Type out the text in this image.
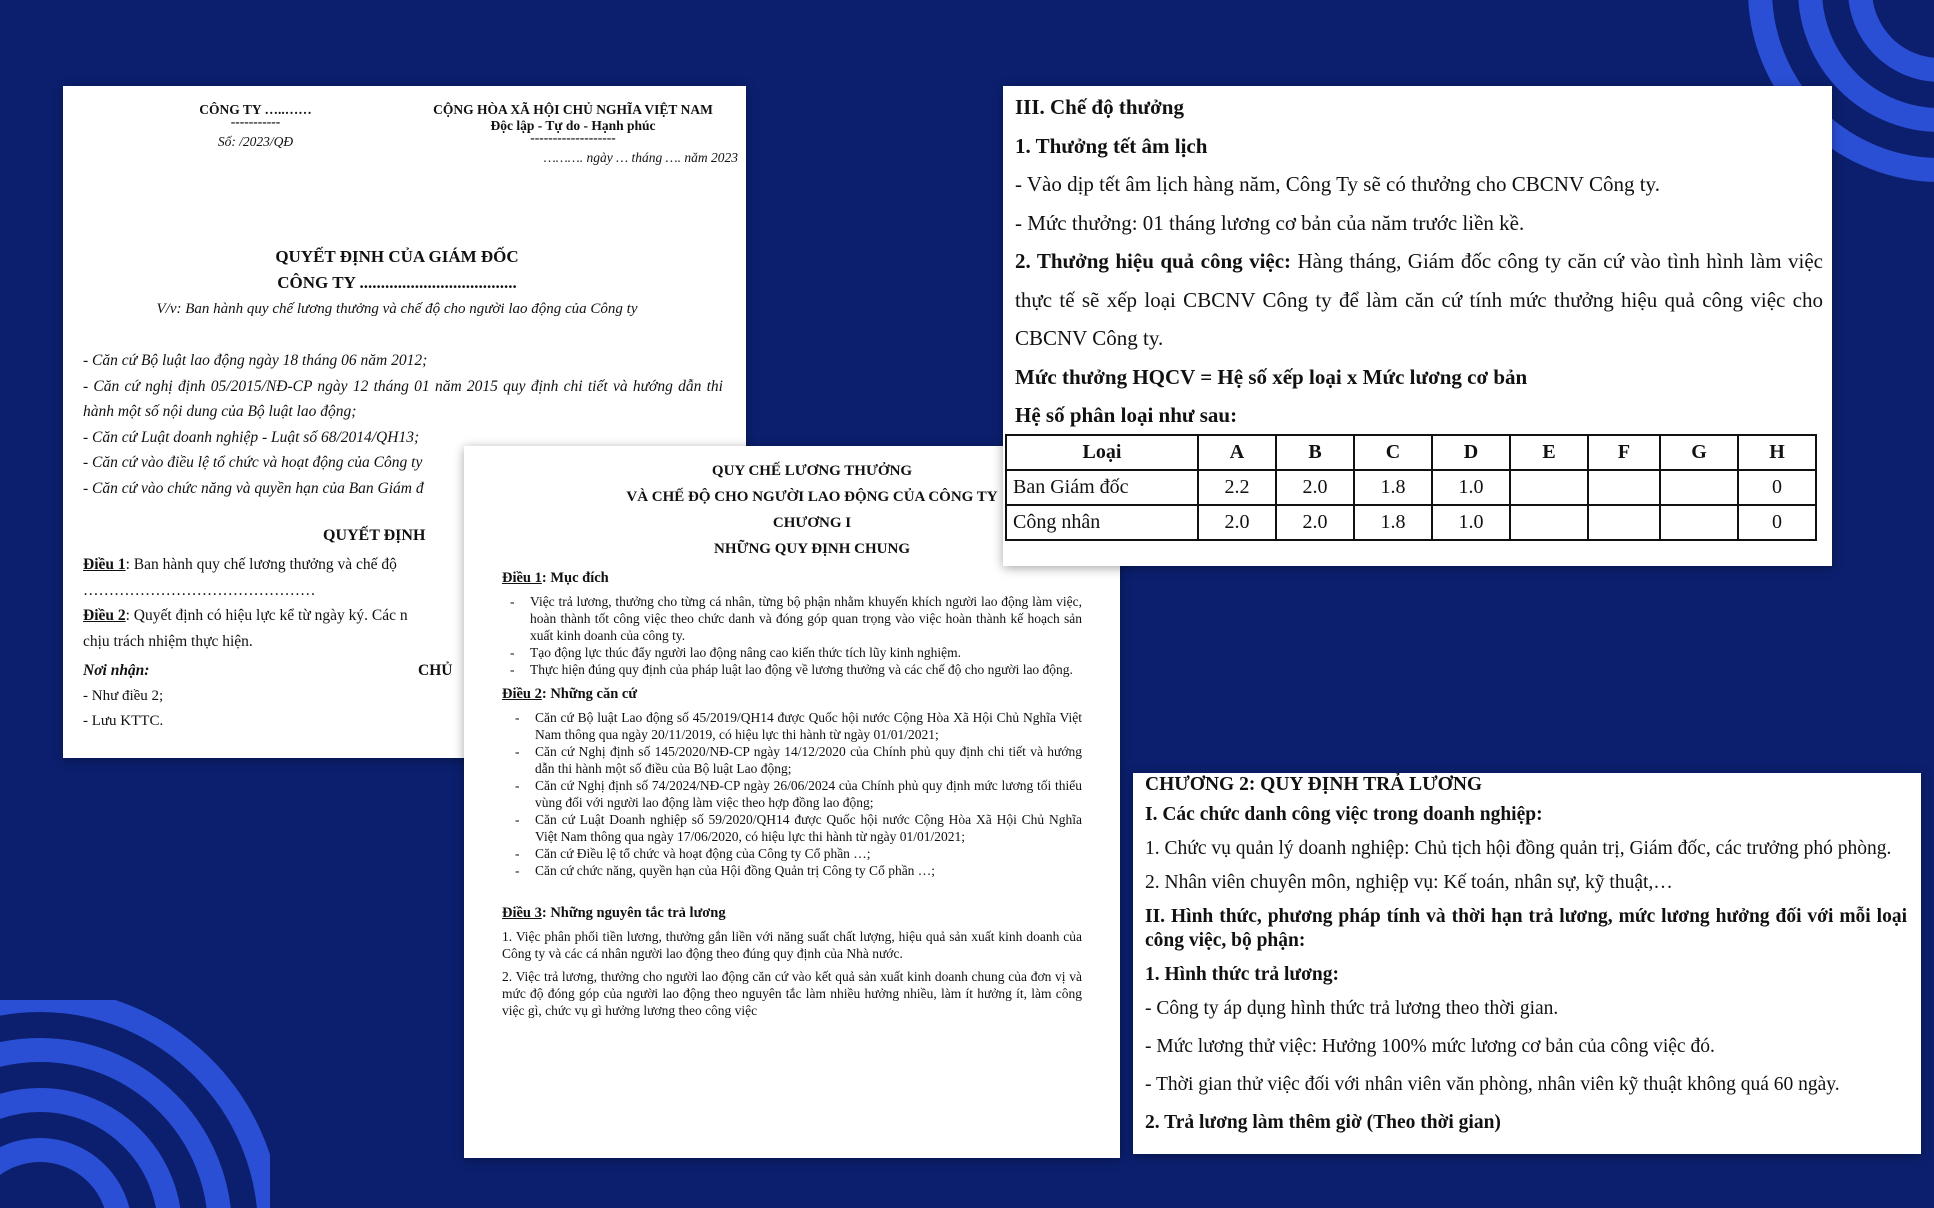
CÔNG TY …..……

-----------

Số: /2023/QĐ

CỘNG HÒA XÃ HỘI CHỦ NGHĨA VIỆT NAM

Độc lập - Tự do - Hạnh phúc

-------------------

………. ngày … tháng …. năm 2023

QUYẾT ĐỊNH CỦA GIÁM ĐỐC

CÔNG TY .....................................

V/v: Ban hành quy chế lương thưởng và chế độ cho người lao động của Công ty

- Căn cứ Bộ luật lao động ngày 18 tháng 06 năm 2012;

- Căn cứ nghị định 05/2015/NĐ-CP ngày 12 tháng 01 năm 2015 quy định chi tiết và hướng dẫn thi hành một số nội dung của Bộ luật lao động;

- Căn cứ Luật doanh nghiệp - Luật số 68/2014/QH13;

- Căn cứ vào điều lệ tổ chức và hoạt động của Công ty

- Căn cứ vào chức năng và quyền hạn của Ban Giám đ

QUYẾT ĐỊNH

Điều 1: Ban hành quy chế lương thưởng và chế độ

………………………………………

Điều 2: Quyết định có hiệu lực kể từ ngày ký. Các n

chịu trách nhiệm thực hiện.

Nơi nhận:	CHỦ

- Như điều 2;

- Lưu KTTC.

QUY CHẾ LƯƠNG THƯỞNG

VÀ CHẾ ĐỘ CHO NGƯỜI LAO ĐỘNG CỦA CÔNG TY

CHƯƠNG I

NHỮNG QUY ĐỊNH CHUNG

Điều 1: Mục đích

- Việc trả lương, thưởng cho từng cá nhân, từng bộ phận nhằm khuyến khích người lao động làm việc, hoàn thành tốt công việc theo chức danh và đóng góp quan trọng vào việc hoàn thành kế hoạch sản xuất kinh doanh của công ty.
- Tạo động lực thúc đẩy người lao động nâng cao kiến thức tích lũy kinh nghiệm.
- Thực hiện đúng quy định của pháp luật lao động về lương thưởng và các chế độ cho người lao động.

Điều 2: Những căn cứ

- Căn cứ Bộ luật Lao động số 45/2019/QH14 được Quốc hội nước Cộng Hòa Xã Hội Chủ Nghĩa Việt Nam thông qua ngày 20/11/2019, có hiệu lực thi hành từ ngày 01/01/2021;
- Căn cứ Nghị định số 145/2020/NĐ-CP ngày 14/12/2020 của Chính phủ quy định chi tiết và hướng dẫn thi hành một số điều của Bộ luật Lao động;
- Căn cứ Nghị định số 74/2024/NĐ-CP ngày 26/06/2024 của Chính phủ quy định mức lương tối thiểu vùng đối với người lao động làm việc theo hợp đồng lao động;
- Căn cứ Luật Doanh nghiệp số 59/2020/QH14 được Quốc hội nước Cộng Hòa Xã Hội Chủ Nghĩa Việt Nam thông qua ngày 17/06/2020, có hiệu lực thi hành từ ngày 01/01/2021;
- Căn cứ Điều lệ tổ chức và hoạt động của Công ty Cổ phần …;
- Căn cứ chức năng, quyền hạn của Hội đồng Quản trị Công ty Cổ phần …;

Điều 3: Những nguyên tắc trả lương

1. Việc phân phối tiền lương, thưởng gắn liền với năng suất chất lượng, hiệu quả sản xuất kinh doanh của Công ty và các cá nhân người lao động theo đúng quy định của Nhà nước.

2. Việc trả lương, thưởng cho người lao động căn cứ vào kết quả sản xuất kinh doanh chung của đơn vị và mức độ đóng góp của người lao động theo nguyên tắc làm nhiều hưởng nhiều, làm ít hưởng ít, làm công việc gì, chức vụ gì hưởng lương theo công việc

III. Chế độ thưởng

1. Thưởng tết âm lịch

- Vào dịp tết âm lịch hàng năm, Công Ty sẽ có thưởng cho CBCNV Công ty.

- Mức thưởng: 01 tháng lương cơ bản của năm trước liền kề.

2. Thưởng hiệu quả công việc: Hàng tháng, Giám đốc công ty căn cứ vào tình hình làm việc thực tế sẽ xếp loại CBCNV Công ty để làm căn cứ tính mức thưởng hiệu quả công việc cho CBCNV Công ty.

Mức thưởng HQCV = Hệ số xếp loại x Mức lương cơ bản

Hệ số phân loại như sau:

Loại	A	B	C	D	E	F	G	H
Ban Giám đốc	2.2	2.0	1.8	1.0				0
Công nhân	2.0	2.0	1.8	1.0				0

CHƯƠNG 2: QUY ĐỊNH TRẢ LƯƠNG

I. Các chức danh công việc trong doanh nghiệp:

1. Chức vụ quản lý doanh nghiệp: Chủ tịch hội đồng quản trị, Giám đốc, các trưởng phó phòng.

2. Nhân viên chuyên môn, nghiệp vụ: Kế toán, nhân sự, kỹ thuật,…

II. Hình thức, phương pháp tính và thời hạn trả lương, mức lương hưởng đối với mỗi loại công việc, bộ phận:

1. Hình thức trả lương:

- Công ty áp dụng hình thức trả lương theo thời gian.

- Mức lương thử việc: Hưởng 100% mức lương cơ bản của công việc đó.

- Thời gian thử việc đối với nhân viên văn phòng, nhân viên kỹ thuật không quá 60 ngày.

2. Trả lương làm thêm giờ (Theo thời gian)
